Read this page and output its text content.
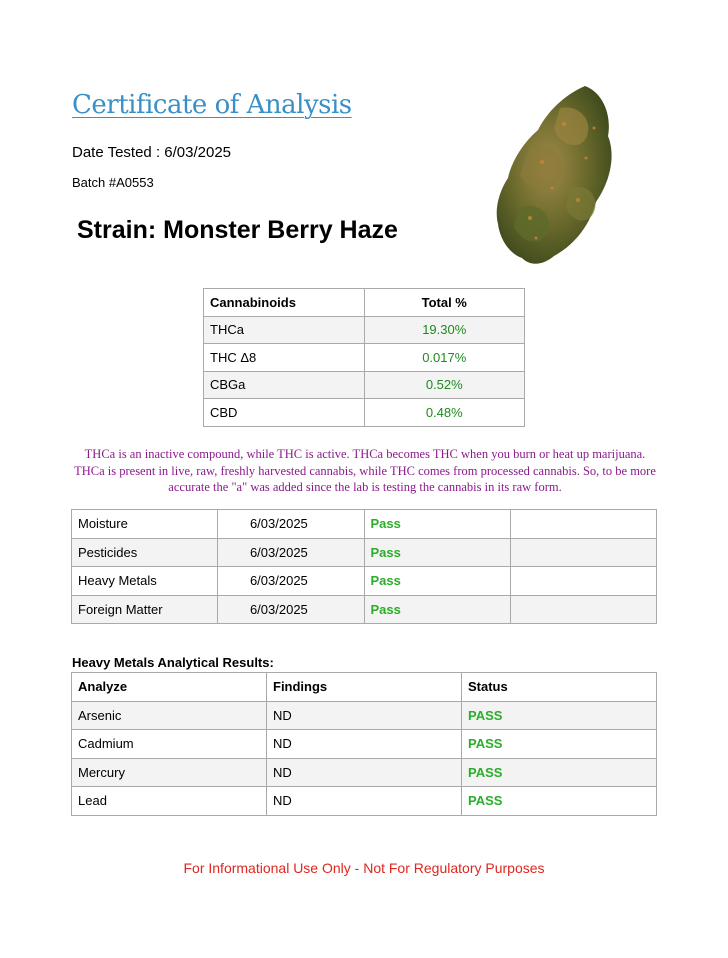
Certificate of Analysis
Date Tested : 6/03/2025
Batch #A0553
Strain: Monster Berry Haze
Cannabinoids	Total %
THCa	19.30%
THC Δ8	0.017%
CBGa	0.52%
CBD	0.48%
THCa is an inactive compound, while THC is active. THCa becomes THC when you burn or heat up marijuana. THCa is present in live, raw, freshly harvested cannabis, while THC comes from processed cannabis. So, to be more accurate the "a" was added since the lab is testing the cannabis in its raw form.
Moisture	6/03/2025	Pass	
Pesticides	6/03/2025	Pass	
Heavy Metals	6/03/2025	Pass	
Foreign Matter	6/03/2025	Pass	
Heavy Metals Analytical Results:
Analyze	Findings	Status
Arsenic	ND	PASS
Cadmium	ND	PASS
Mercury	ND	PASS
Lead	ND	PASS
For Informational Use Only - Not For Regulatory Purposes
